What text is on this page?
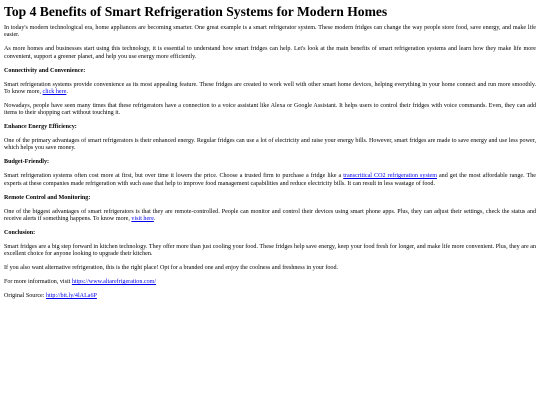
Top 4 Benefits of Smart Refrigeration Systems for Modern Homes

In today's modern technological era, home appliances are becoming smarter. One great example is a smart refrigerator system. These modern fridges can change the way people store food, save energy, and make life easier.

As more homes and businesses start using this technology, it is essential to understand how smart fridges can help. Let's look at the main benefits of smart refrigeration systems and learn how they make life more convenient, support a greener planet, and help you use energy more efficiently.

Connectivity and Convenience:

Smart refrigeration systems provide convenience as its most appealing feature. These fridges are created to work well with other smart home devices, helping everything in your home connect and run more smoothly. To know more, click here.

Nowadays, people have seen many times that these refrigerators have a connection to a voice assistant like Alexa or Google Assistant. It helps users to control their fridges with voice commands. Even, they can add items to their shopping cart without touching it.

Enhance Energy Efficiency:

One of the primary advantages of smart refrigerators is their enhanced energy. Regular fridges can use a lot of electricity and raise your energy bills. However, smart fridges are made to save energy and use less power, which helps you save money.

Budget-Friendly:

Smart refrigeration systems often cost more at first, but over time it lowers the price. Choose a trusted firm to purchase a fridge like a transcritical CO2 refrigeration system and get the most affordable range. The experts at these companies made refrigeration with such ease that help to improve food management capabilities and reduce electricity bills. It can result in less wastage of food.

Remote Control and Monitoring:

One of the biggest advantages of smart refrigerators is that they are remote-controlled. People can monitor and control their devices using smart phone apps. Plus, they can adjust their settings, check the status and receive alerts if something happens. To know more, visit here.

Conclusion:

Smart fridges are a big step forward in kitchen technology. They offer more than just cooling your food. These fridges help save energy, keep your food fresh for longer, and make life more convenient. Plus, they are an excellent choice for anyone looking to upgrade their kitchen.

If you also want alternative refrigeration, this is the right place! Opt for a branded one and enjoy the coolness and freshness in your food.

For more information, visit https://www.altarefrigeration.com/

Original Source: http://bit.ly/4lALa6P
